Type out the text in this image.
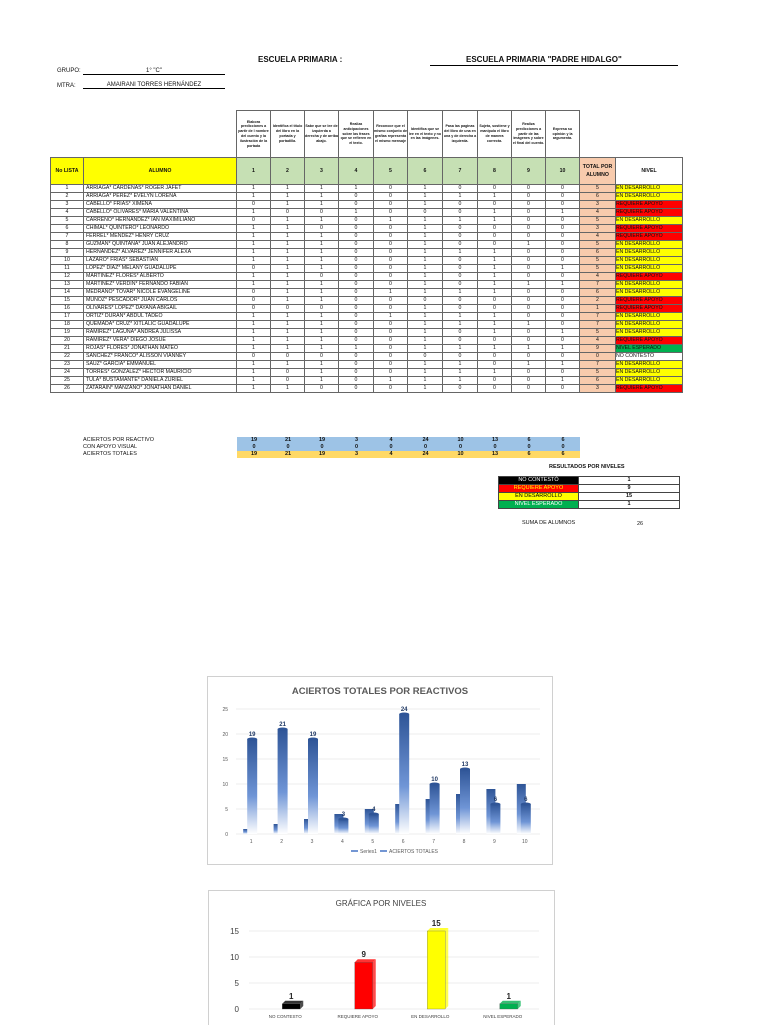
ESCUELA PRIMARIA :	ESCUELA PRIMARIA "PADRE HIDALGO"
GRUPO:	1° "C"
MTRA:	AMAIRANI TORRES HERNÁNDEZ
		Elabora predicciones a partir de l nombre del cuento y la ilustración de la portada	Identifica el título del libro en la portada y portadilla.	Sabe que se lee de izquierda a derecha y de arriba abajo.	Realiza anticipaciones sobre las frases que se refieren en el texto.	Reconoce que el mismo conjunto de grafías representa el mismo mensaje	Identifica que se lee en el texto y no en las imágenes.	Pasa las paginas del libro de una en una y de derecha a izquierda.	Sujeta, sostiene y manipula el libro de manera correcta.	Realiza predicciones a partir de las imágenes y sobre el final del cuento.	Expresa su opinión y la argumenta.		
No LISTA	ALUMNO	1	2	3	4	5	6	7	8	9	10	TOTAL POR ALUMNO	NIVEL
1	ARRIAGA* CARDENAS* ROGER JAFET	1	1	1	1	0	1	0	0	0	0	5	EN DESARROLLO
2	ARRIAGA* PEREZ* EVELYN LORENA	1	1	1	0	0	1	1	1	0	0	6	EN DESARROLLO
3	CABELLO* FRIAS* XIMENA	0	1	1	0	0	1	0	0	0	0	3	REQUIERE APOYO
4	CABELLO* OLIVARES* MARIA VALENTINA	1	0	0	1	0	0	0	1	0	1	4	REQUIERE APOYO
5	CARREÑO* HERNANDEZ* IAN MAXIMILIANO	0	1	1	0	1	1	1	1	0	0	5	EN DESARROLLO
6	CHIMAL* QUINTERO* LEONARDO	1	1	0	0	0	1	0	0	0	0	3	REQUIERE APOYO
7	FERREL* MENDEZ* HENRY CRUZ	1	1	1	0	0	1	0	0	0	0	4	REQUIERE APOYO
8	GUZMAN* QUINTANA* JUAN ALEJANDRO	1	1	1	0	0	1	0	0	1	0	5	EN DESARROLLO
9	HERNANDEZ* ALVAREZ* JENNIFER ALEXA	1	1	1	0	0	1	1	1	0	0	6	EN DESARROLLO
10	LAZARO* FRIAS* SEBASTIAN	1	1	1	0	0	1	0	1	0	0	5	EN DESARROLLO
11	LOPEZ* DIAZ* MELANY GUADALUPE	0	1	1	0	0	1	0	1	0	1	5	EN DESARROLLO
12	MARTINEZ* FLORES* ALBERTO	1	1	0	0	0	1	0	1	0	0	4	REQUIERE APOYO
13	MARTINEZ* VERDIN* FERNANDO FABIAN	1	1	1	0	0	1	0	1	1	1	7	EN DESARROLLO
14	MEDRANO* TOVAR* NICOLE EVANGELINE	0	1	1	0	1	1	1	1	0	0	6	EN DESARROLLO
15	MUÑOZ* PESCADOR* JUAN CARLOS	0	1	1	0	0	0	0	0	0	0	2	REQUIERE APOYO
16	OLIVARES* LOPEZ* DAYANA ABIGAIL	0	0	0	0	0	1	0	0	0	0	1	REQUIERE APOYO
17	ORTIZ* DURAN* ABDUL TADEO	1	1	1	0	1	1	1	1	0	0	7	EN DESARROLLO
18	QUEMADA* CRUZ* XITLALIC GUADALUPE	1	1	1	0	0	1	1	1	1	0	7	EN DESARROLLO
19	RAMIREZ* LAGUNA* ANDREA JULISSA	1	1	1	0	0	1	0	1	0	1	5	EN DESARROLLO
20	RAMIREZ* VERA* DIEGO JOSUE	1	1	1	0	0	1	0	0	0	0	4	REQUIERE APOYO
21	ROJAS* FLORES* JONATHAN MATEO	1	1	1	1	0	1	1	1	1	1	9	NIVEL ESPERADO
22	SANCHEZ* FRANCO* ALISSON VIANNEY	0	0	0	0	0	0	0	0	0	0	0	NO CONTESTÓ
23	SAUZ* GARCIA* EMMANUEL	1	1	1	0	0	1	1	0	1	1	7	EN DESARROLLO
24	TORRES* GONZALEZ* HECTOR MAURICIO	1	0	1	0	0	1	1	1	0	0	5	EN DESARROLLO
25	TULA* BUSTAMANTE* DANIELA ZURIEL	1	0	1	0	1	1	1	0	0	1	6	EN DESARROLLO
26	ZATARAIN* MANZANO* JONATHAN DANIEL	1	1	0	0	0	1	0	0	0	0	3	REQUIERE APOYO
ACIERTOS POR REACTIVO	19	21	19	3	4	24	10	13	6	6
CON APOYO VISUAL	0	0	0	0	0	0	0	0	0	0
ACIERTOS TOTALES	19	21	19	3	4	24	10	13	6	6
RESULTADOS POR NIVELES
NO CONTESTÓ	1
REQUIERE APOYO	9
EN DESARROLLO	15
NIVEL ESPERADO	1
SUMA DE ALUMNOS	26
ACIERTOS TOTALES POR REACTIVOS
0
5
10
15
20
25
19
1
21
2
19
3
3
4
4
5
24
6
10
7
13
8
6
9
6
10
Series1 ACIERTOS TOTALES
GRÁFICA POR NIVELES
0
5
10
15
1
NO CONTESTO
9
REQUIERE APOYO
15
EN DESARROLLO
1
NIVEL ESPERADO
